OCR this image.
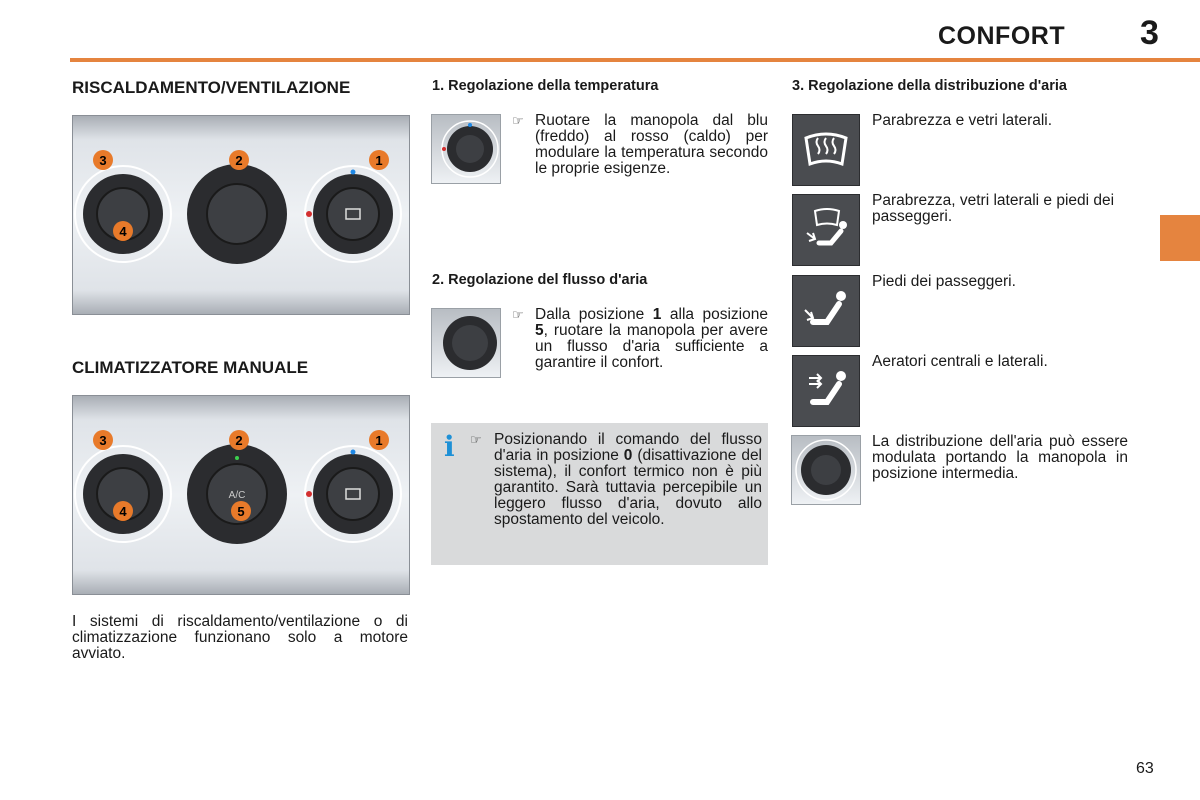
CONFORT 3
RISCALDAMENTO/VENTILAZIONE
3	2	1
4
CLIMATIZZATORE MANUALE
A/C
3	2	1
4	5
I sistemi di riscaldamento/ventilazione o di climatizzazione funzionano solo a motore avviato.
1. Regolazione della temperatura
☞ Ruotare la manopola dal blu (freddo) al rosso (caldo) per modulare la temperatura secondo le proprie esigenze.
2. Regolazione del flusso d'aria
☞ Dalla posizione 1 alla posizione 5, ruotare la manopola per avere un flusso d'aria sufficiente a garantire il confort.
i ☞ Posizionando il comando del flusso d'aria in posizione 0 (disattivazione del sistema), il confort termico non è più garantito. Sarà tuttavia percepibile un leggero flusso d'aria, dovuto allo spostamento del veicolo.
3. Regolazione della distribuzione d'aria
Parabrezza e vetri laterali.
Parabrezza, vetri laterali e piedi dei passeggeri.
Piedi dei passeggeri.
Aeratori centrali e laterali.
La distribuzione dell'aria può essere modulata portando la manopola in posizione intermedia.
63
